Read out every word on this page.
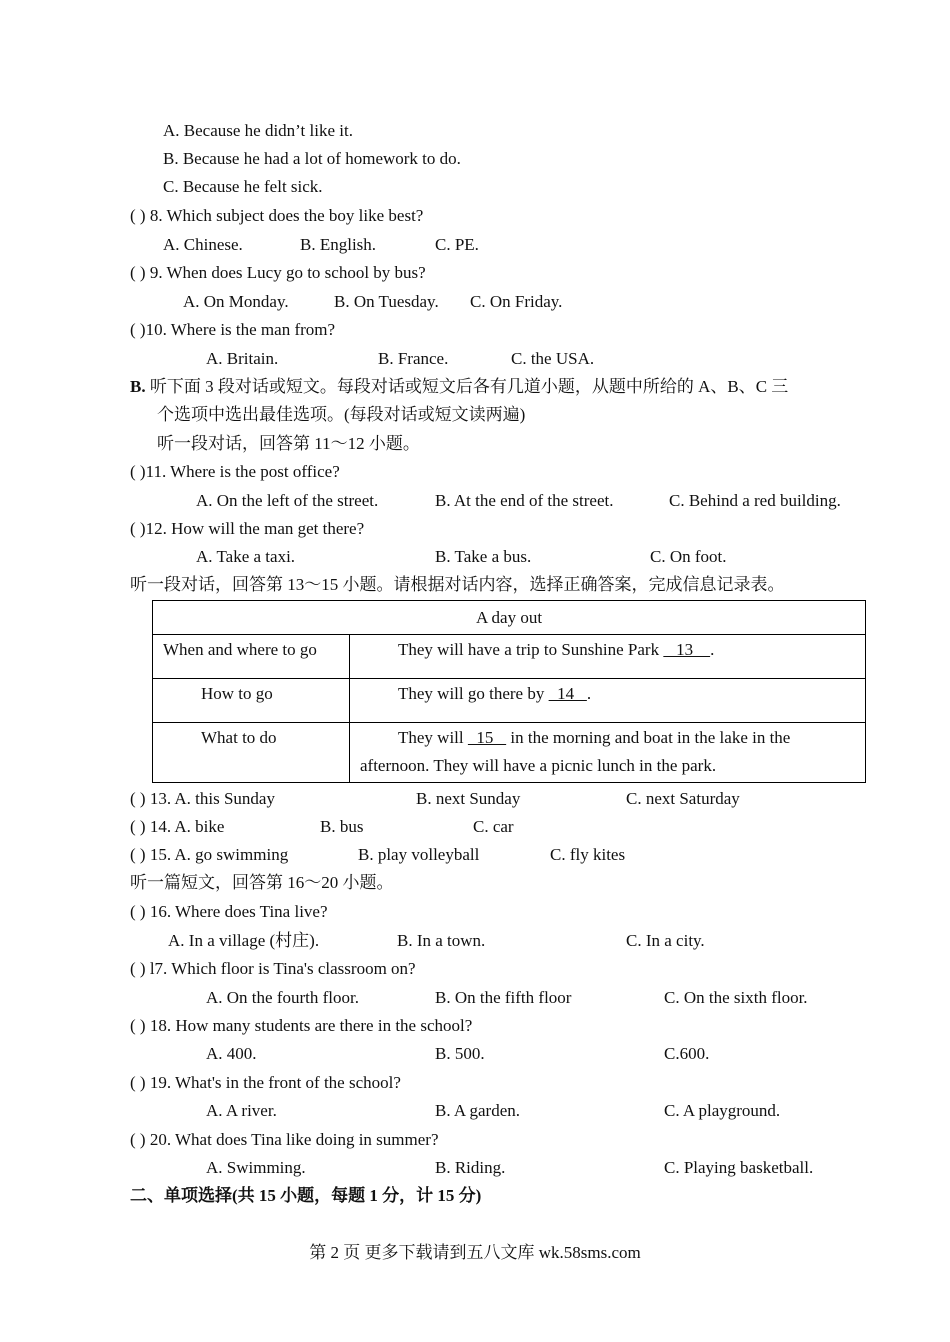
A. Because he didn’t like it.
B. Because he had a lot of homework to do.
C. Because he felt sick.
( ) 8. Which subject does the boy like best?
A. Chinese.	B. English.	C. PE.
( ) 9. When does Lucy go to school by bus?
A. On Monday.	B. On Tuesday. C. On Friday.
( )10. Where is the man from?
A. Britain.	B. France.	C. the USA.
B. 听下面 3 段对话或短文。每段对话或短文后各有几道小题，从题中所给的 A、B、C 三
个选项中选出最佳选项。(每段对话或短文读两遍)
听一段对话，回答第 11～12 小题。
( )11. Where is the post office?
A. On the left of the street.	B. At the end of the street.	C. Behind a red building.
( )12. How will the man get there?
A. Take a taxi.	B. Take a bus.	C. On foot.
听一段对话，回答第 13～15 小题。请根据对话内容，选择正确答案，完成信息记录表。
A day out	
When and where to go	They will have a trip to Sunshine Park    13    .
How to go	They will go there by   14   .
What to do	They will   15    in the morning and boat in the lake in the
afternoon. They will have a picnic lunch in the park.
( ) 13. A. this Sunday	B. next Sunday	C. next Saturday
( ) 14. A. bike	B. bus	C. car
( ) 15. A. go swimming	B. play volleyball	C. fly kites
听一篇短文，回答第 16～20 小题。
( ) 16. Where does Tina live?
A. In a village (村庄).	B. In a town.	C. In a city.
( ) l7. Which floor is Tina's classroom on?
A. On the fourth floor.	B. On the fifth floor	C. On the sixth floor.
( ) 18. How many students are there in the school?
A. 400.	B. 500.	C.600.
( ) 19. What's in the front of the school?
A. A river.	B. A garden.	C. A playground.
( ) 20. What does Tina like doing in summer?
A. Swimming.	B. Riding.	C. Playing basketball.
二、单项选择(共 15 小题，每题 1 分，计 15 分)
第 2 页 更多下载请到五八文库 wk.58sms.com
